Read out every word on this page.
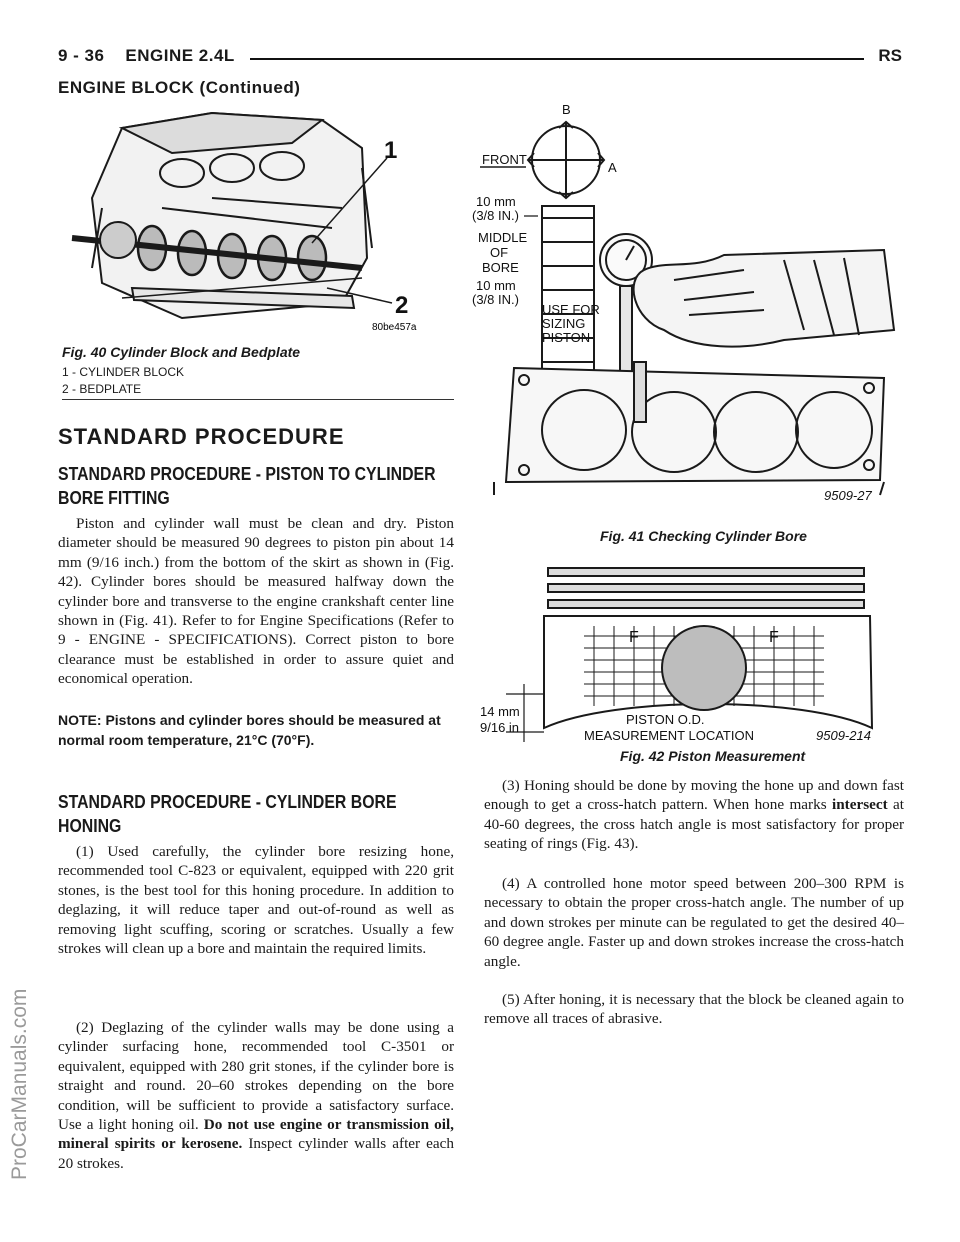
9 - 36 ENGINE 2.4L	RS
ENGINE BLOCK (Continued)
ProCarManuals.com
1
2
80be457a
Fig. 40 Cylinder Block and Bedplate
1 - CYLINDER BLOCK
2 - BEDPLATE
B
A
FRONT
10 mm
(3/8 IN.)
MIDDLE
OF
BORE
10 mm
(3/8 IN.)
USE FOR
SIZING
PISTON
9509-27
Fig. 41 Checking Cylinder Bore
F	F
14 mm
9/16 in
PISTON O.D.
MEASUREMENT LOCATION	9509-214
Fig. 42 Piston Measurement
STANDARD PROCEDURE
STANDARD PROCEDURE - PISTON TO CYLINDER BORE FITTING

Piston and cylinder wall must be clean and dry. Piston diameter should be measured 90 degrees to piston pin about 14 mm (9/16 inch.) from the bottom of the skirt as shown in (Fig. 42). Cylinder bores should be measured halfway down the cylinder bore and transverse to the engine crankshaft center line shown in (Fig. 41). Refer to for Engine Specifications (Refer to 9 - ENGINE - SPECIFICATIONS). Correct piston to bore clearance must be established in order to assure quiet and economical operation.

NOTE: Pistons and cylinder bores should be measured at normal room temperature, 21°C (70°F).

STANDARD PROCEDURE - CYLINDER BORE HONING

(1) Used carefully, the cylinder bore resizing hone, recommended tool C-823 or equivalent, equipped with 220 grit stones, is the best tool for this honing procedure. In addition to deglazing, it will reduce taper and out-of-round as well as removing light scuffing, scoring or scratches. Usually a few strokes will clean up a bore and maintain the required limits.

(2) Deglazing of the cylinder walls may be done using a cylinder surfacing hone, recommended tool C-3501 or equivalent, equipped with 280 grit stones, if the cylinder bore is straight and round. 20–60 strokes depending on the bore condition, will be sufficient to provide a satisfactory surface. Use a light honing oil. Do not use engine or transmission oil, mineral spirits or kerosene. Inspect cylinder walls after each 20 strokes.

(3) Honing should be done by moving the hone up and down fast enough to get a cross-hatch pattern. When hone marks intersect at 40-60 degrees, the cross hatch angle is most satisfactory for proper seating of rings (Fig. 43).

(4) A controlled hone motor speed between 200–300 RPM is necessary to obtain the proper cross-hatch angle. The number of up and down strokes per minute can be regulated to get the desired 40–60 degree angle. Faster up and down strokes increase the cross-hatch angle.

(5) After honing, it is necessary that the block be cleaned again to remove all traces of abrasive.
